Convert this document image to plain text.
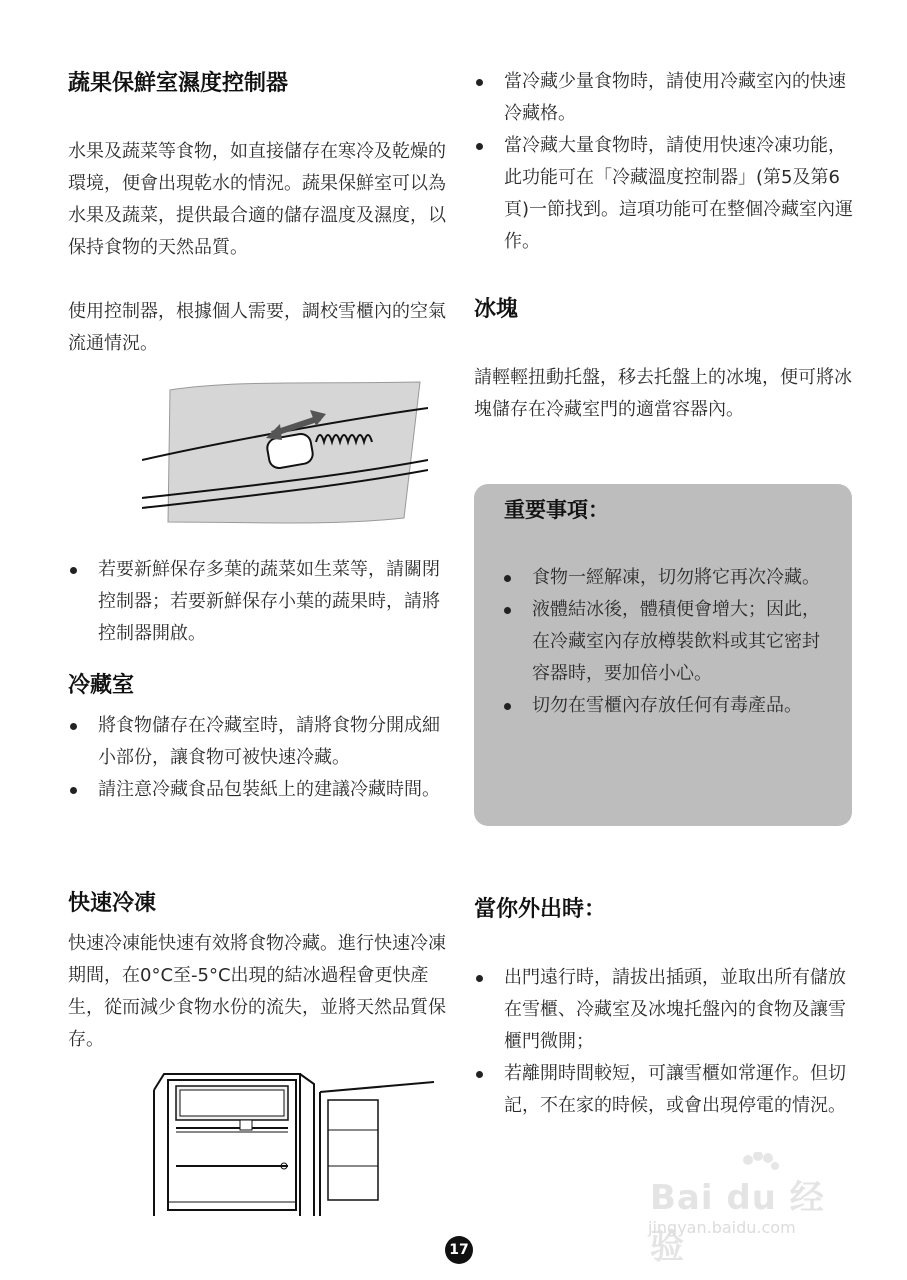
蔬果保鮮室濕度控制器

水果及蔬菜等食物，如直接儲存在寒冷及乾燥的環境，便會出現乾水的情況。蔬果保鮮室可以為水果及蔬菜，提供最合適的儲存溫度及濕度，以保持食物的天然品質。

使用控制器，根據個人需要，調校雪櫃內的空氣流通情況。

若要新鮮保存多葉的蔬菜如生菜等，請關閉控制器；若要新鮮保存小葉的蔬果時，請將控制器開啟。
冷藏室
將食物儲存在冷藏室時，請將食物分開成細小部份，讓食物可被快速冷藏。
請注意冷藏食品包裝紙上的建議冷藏時間。
快速冷凍

快速冷凍能快速有效將食物冷藏。進行快速冷凍期間，在0°C至-5°C出現的結冰過程會更快產生，從而減少食物水份的流失，並將天然品質保存。

當冷藏少量食物時，請使用冷藏室內的快速冷藏格。
當冷藏大量食物時，請使用快速冷凍功能，此功能可在「冷藏溫度控制器」(第5及第6頁)一節找到。這項功能可在整個冷藏室內運作。
冰塊

請輕輕扭動托盤，移去托盤上的冰塊，便可將冰塊儲存在冷藏室門的適當容器內。

重要事項：
食物一經解凍，切勿將它再次冷藏。
液體結冰後，體積便會增大；因此，在冷藏室內存放樽裝飲料或其它密封容器時，要加倍小心。
切勿在雪櫃內存放任何有毒產品。
當你外出時：
出門遠行時，請拔出插頭，並取出所有儲放在雪櫃、冷藏室及冰塊托盤內的食物及讓雪櫃門微開；
若離開時間較短，可讓雪櫃如常運作。但切記，不在家的時候，或會出現停電的情況。
Bai du 经验
jingyan.baidu.com
17
